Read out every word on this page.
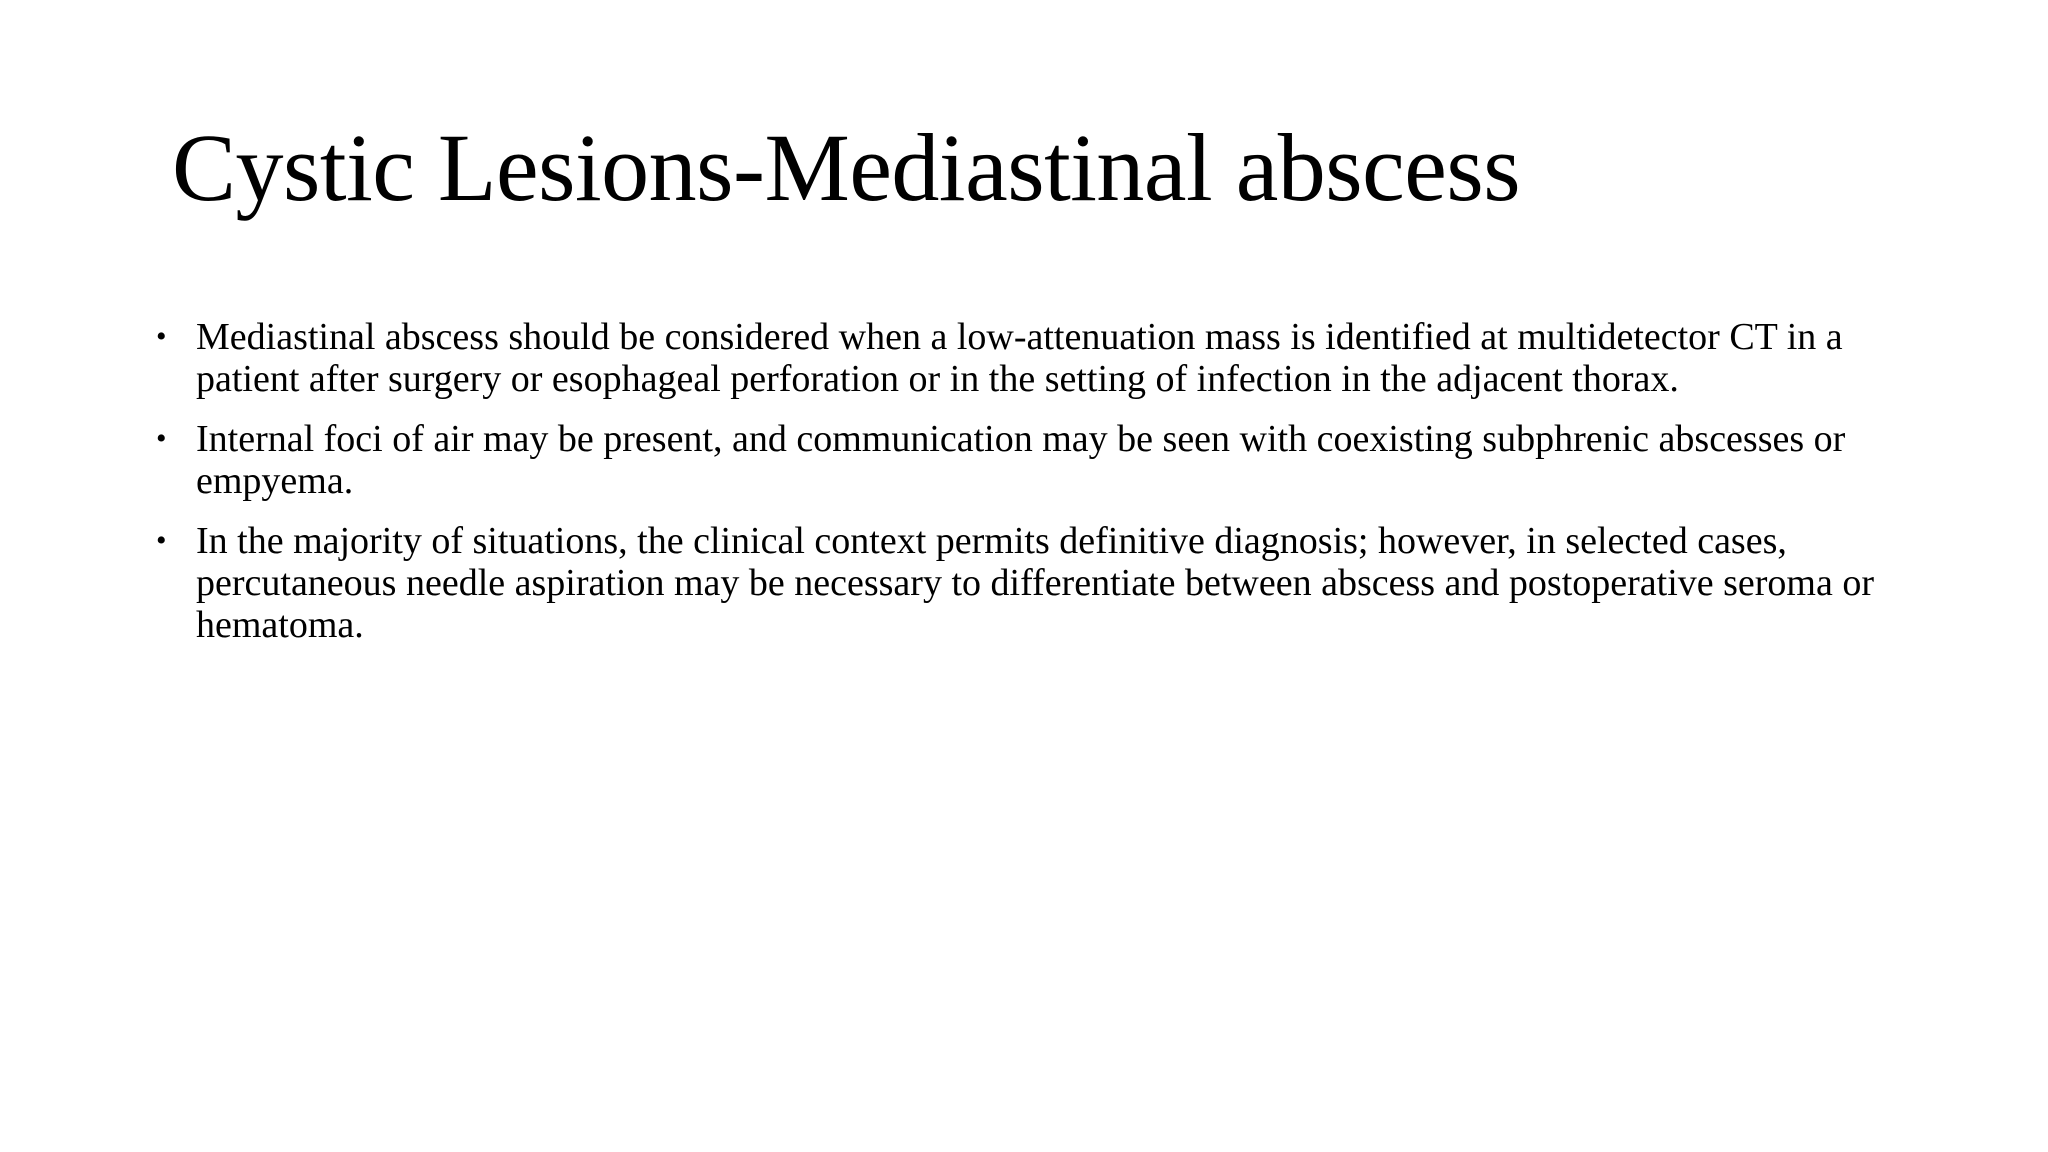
Cystic Lesions-Mediastinal abscess
• Mediastinal abscess should be considered when a low-attenuation mass is identified at multidetector CT in a patient after surgery or esophageal perforation or in the setting of infection in the adjacent thorax.
• Internal foci of air may be present, and communication may be seen with coexisting subphrenic abscesses or empyema.
• In the majority of situations, the clinical context permits definitive diagnosis; however, in selected cases, percutaneous needle aspiration may be necessary to differentiate between abscess and postoperative seroma or hematoma.
